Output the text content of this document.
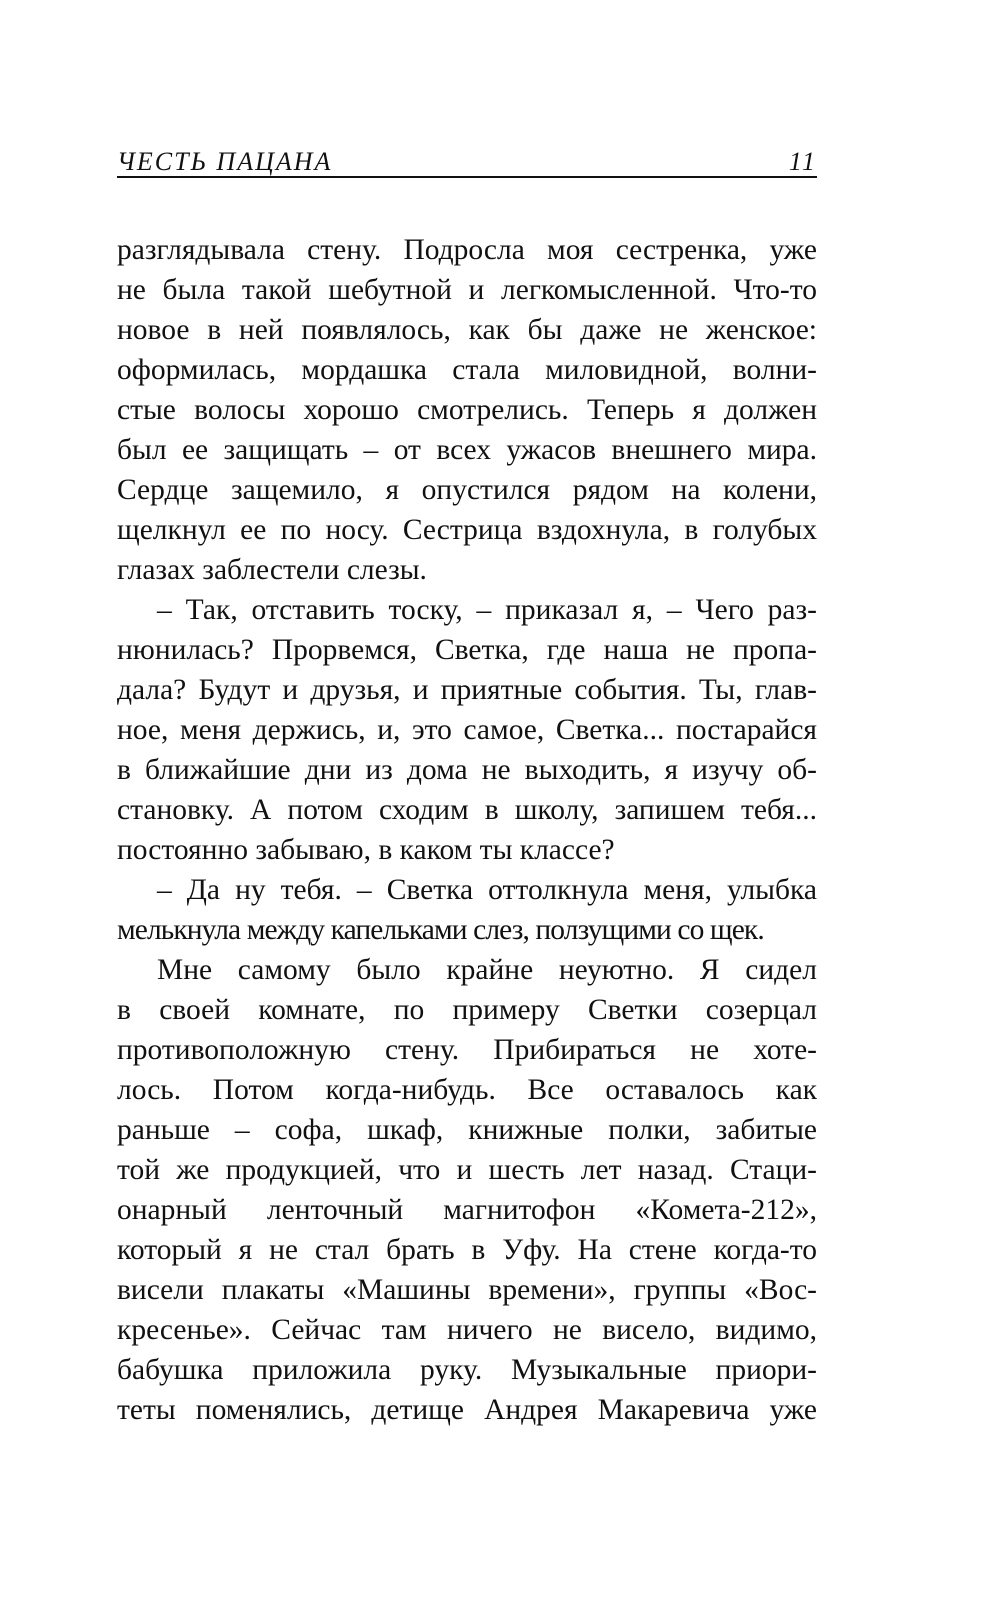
ЧЕСТЬ ПАЦАНА	11
разглядывала стену. Подросла моя сестренка, уже
не была такой шебутной и легкомысленной. Что-то
новое в ней появлялось, как бы даже не женское:
оформилась, мордашка стала миловидной, волни-
стые волосы хорошо смотрелись. Теперь я должен
был ее защищать – от всех ужасов внешнего мира.
Сердце защемило, я опустился рядом на колени,
щелкнул ее по носу. Сестрица вздохнула, в голубых
глазах заблестели слезы.
– Так, отставить тоску, – приказал я, – Чего раз-
нюнилась? Прорвемся, Светка, где наша не пропа-
дала? Будут и друзья, и приятные события. Ты, глав-
ное, меня держись, и, это самое, Светка... постарайся
в ближайшие дни из дома не выходить, я изучу об-
становку. А потом сходим в школу, запишем тебя...
постоянно забываю, в каком ты классе?
– Да ну тебя. – Светка оттолкнула меня, улыбка
мелькнула между капельками слез, ползущими со щек.
Мне самому было крайне неуютно. Я сидел
в своей комнате, по примеру Светки созерцал
противоположную стену. Прибираться не хоте-
лось. Потом когда-нибудь. Все оставалось как
раньше – софа, шкаф, книжные полки, забитые
той же продукцией, что и шесть лет назад. Стаци-
онарный ленточный магнитофон «Комета-212»,
который я не стал брать в Уфу. На стене когда-то
висели плакаты «Машины времени», группы «Вос-
кресенье». Сейчас там ничего не висело, видимо,
бабушка приложила руку. Музыкальные приори-
теты поменялись, детище Андрея Макаревича уже
